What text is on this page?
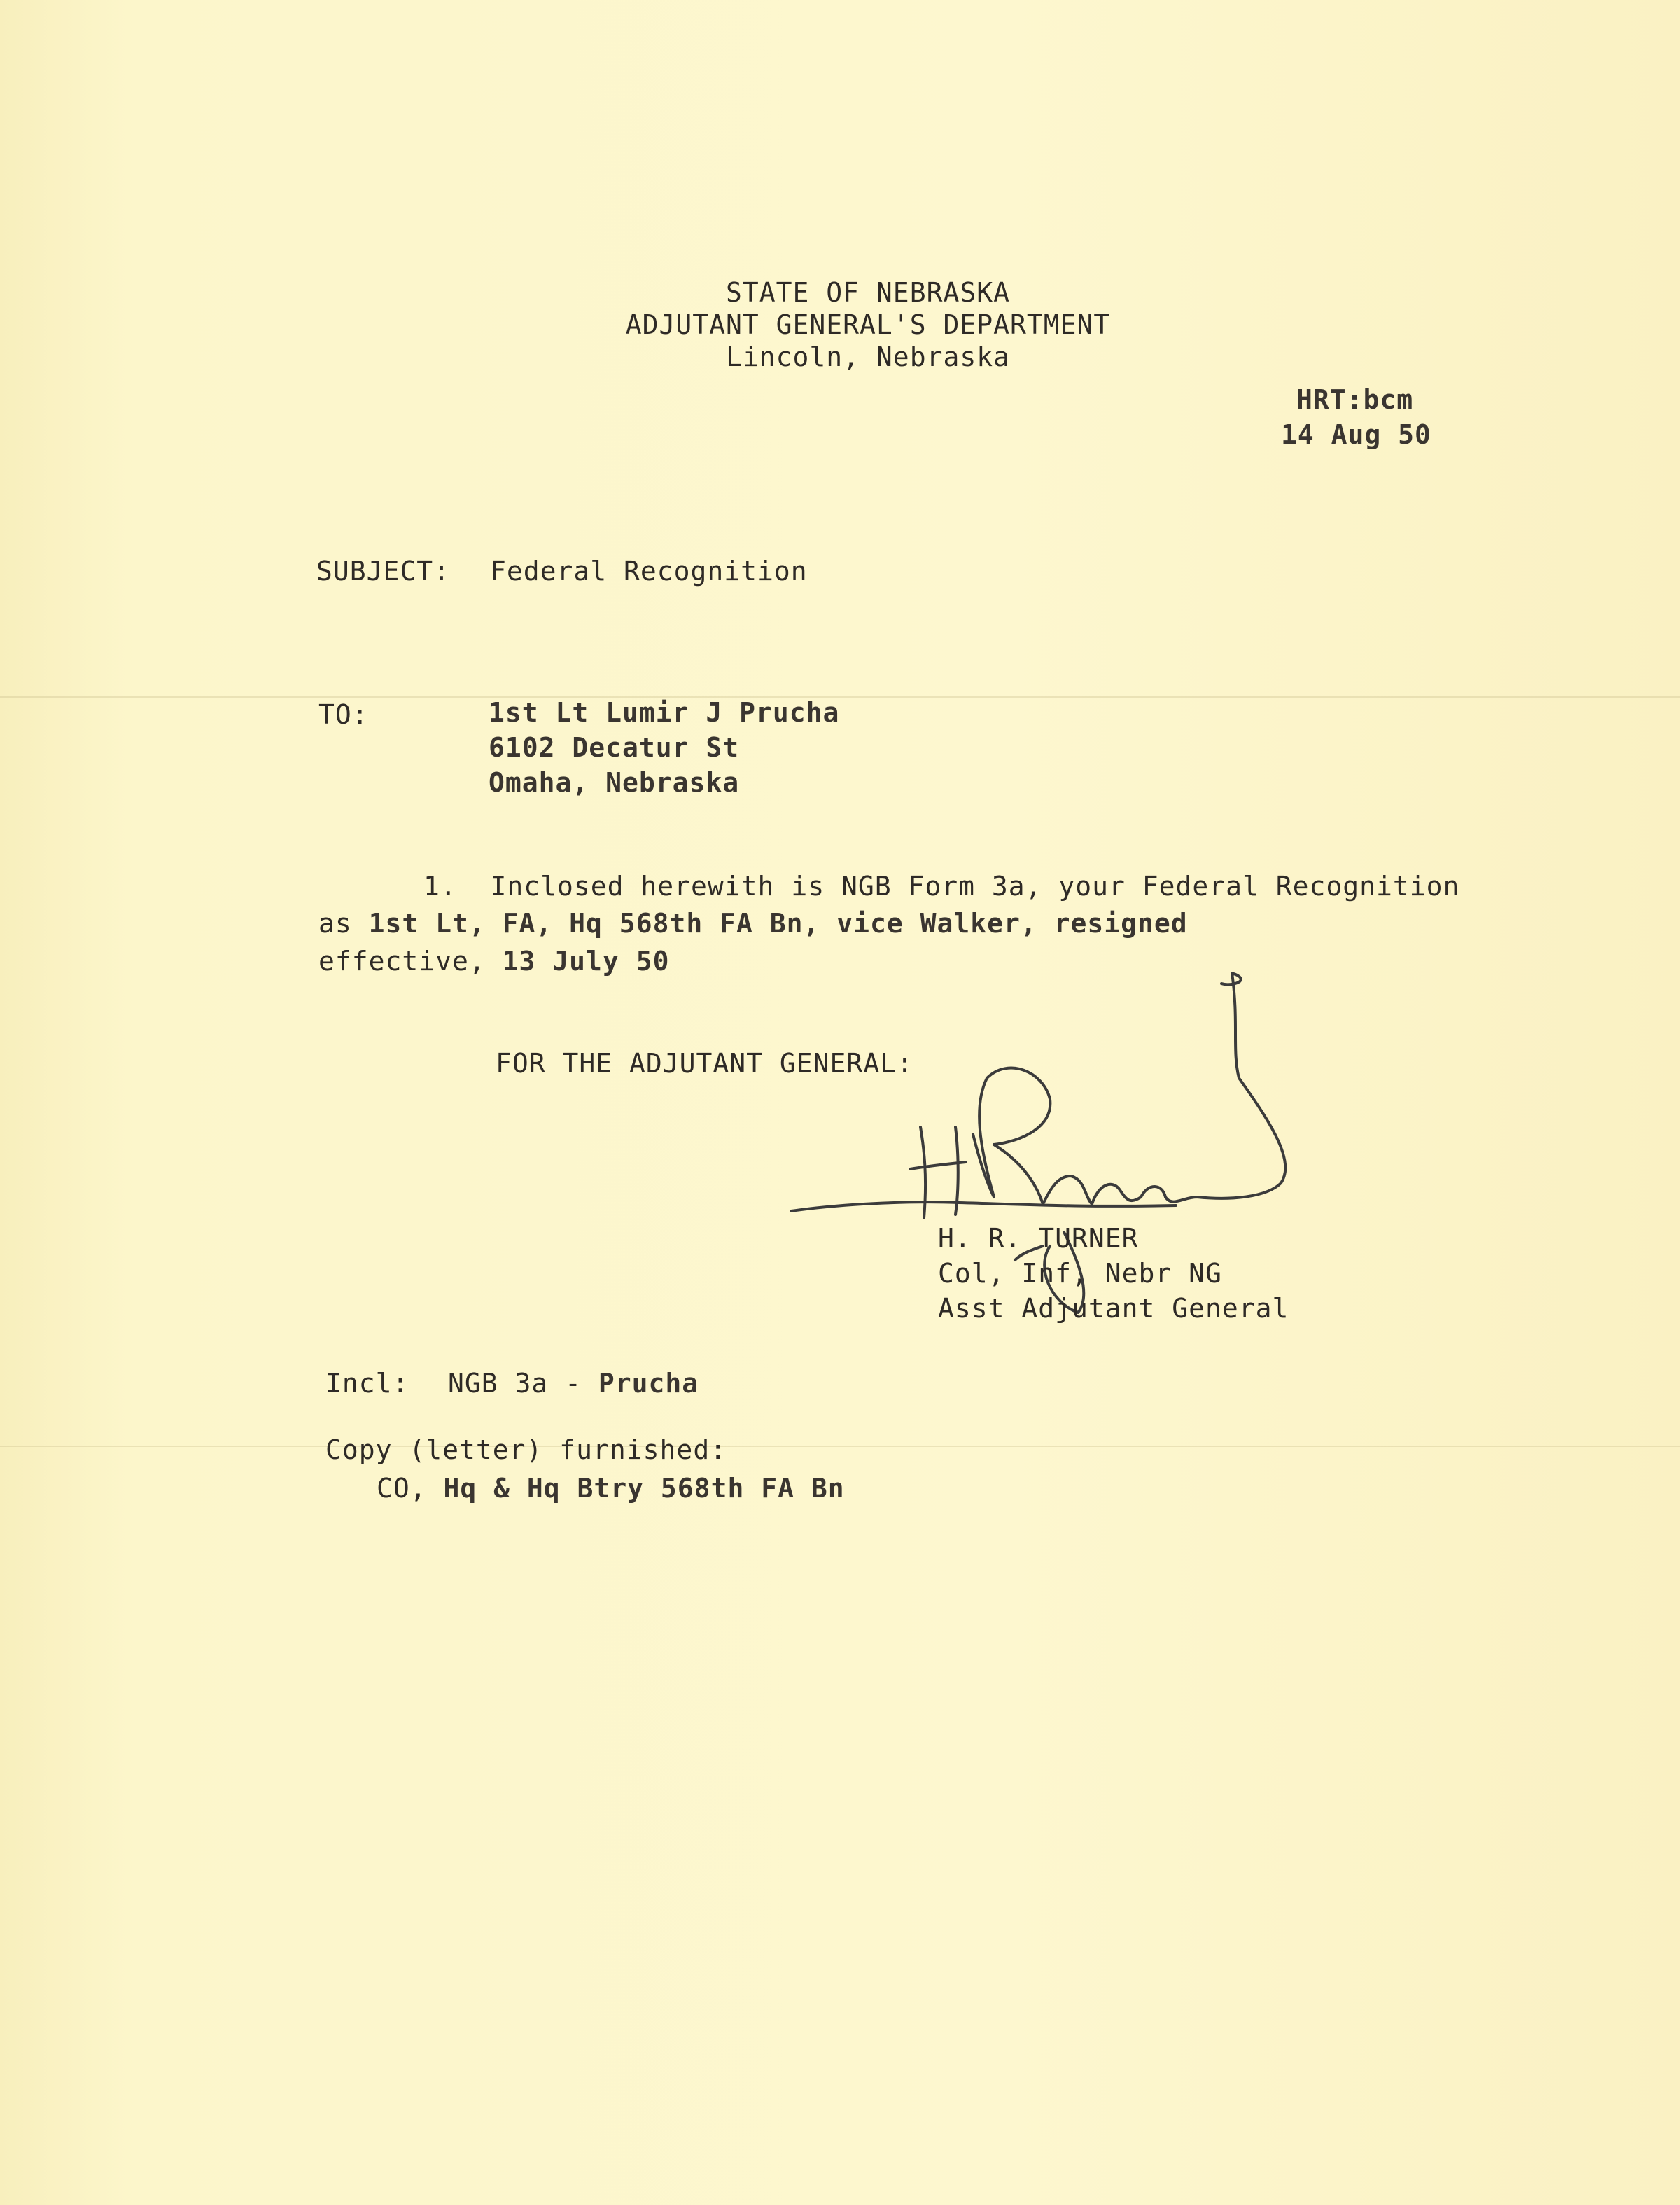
STATE OF NEBRASKA
ADJUTANT GENERAL'S DEPARTMENT
Lincoln, Nebraska
HRT:bcm
14 Aug 50
SUBJECT: Federal Recognition
TO:	1st Lt Lumir J Prucha
6102 Decatur St
Omaha, Nebraska
1.  Inclosed herewith is NGB Form 3a, your Federal Recognition
as 1st Lt, FA, Hq 568th FA Bn, vice Walker, resigned
effective, 13 July 50
FOR THE ADJUTANT GENERAL:
H. R. TURNER
Col, Inf, Nebr NG
Asst Adjutant General
Incl: NGB 3a - Prucha
Copy (letter) furnished:
CO, Hq & Hq Btry 568th FA Bn
